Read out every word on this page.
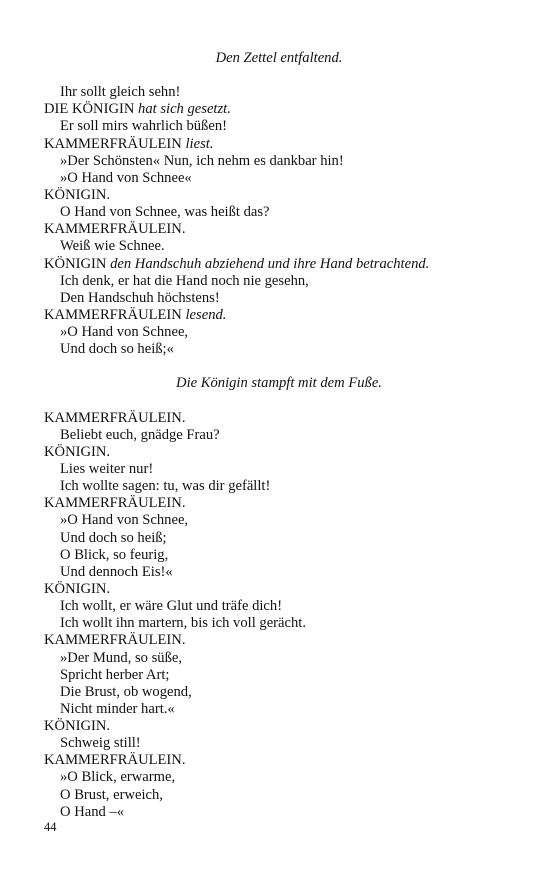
Den Zettel entfaltend.
Ihr sollt gleich sehn!
DIE KÖNIGIN hat sich gesetzt.
Er soll mirs wahrlich büßen!
KAMMERFRÄULEIN liest.
»Der Schönsten« Nun, ich nehm es dankbar hin!
»O Hand von Schnee«
KÖNIGIN.
O Hand von Schnee, was heißt das?
KAMMERFRÄULEIN.
Weiß wie Schnee.
KÖNIGIN den Handschuh abziehend und ihre Hand betrachtend.
Ich denk, er hat die Hand noch nie gesehn,
Den Handschuh höchstens!
KAMMERFRÄULEIN lesend.
»O Hand von Schnee,
Und doch so heiß;«
Die Königin stampft mit dem Fuße.
KAMMERFRÄULEIN.
Beliebt euch, gnädge Frau?
KÖNIGIN.
Lies weiter nur!
Ich wollte sagen: tu, was dir gefällt!
KAMMERFRÄULEIN.
»O Hand von Schnee,
Und doch so heiß;
O Blick, so feurig,
Und dennoch Eis!«
KÖNIGIN.
Ich wollt, er wäre Glut und träfe dich!
Ich wollt ihn martern, bis ich voll gerächt.
KAMMERFRÄULEIN.
»Der Mund, so süße,
Spricht herber Art;
Die Brust, ob wogend,
Nicht minder hart.«
KÖNIGIN.
Schweig still!
KAMMERFRÄULEIN.
»O Blick, erwarme,
O Brust, erweich,
O Hand –«
44
